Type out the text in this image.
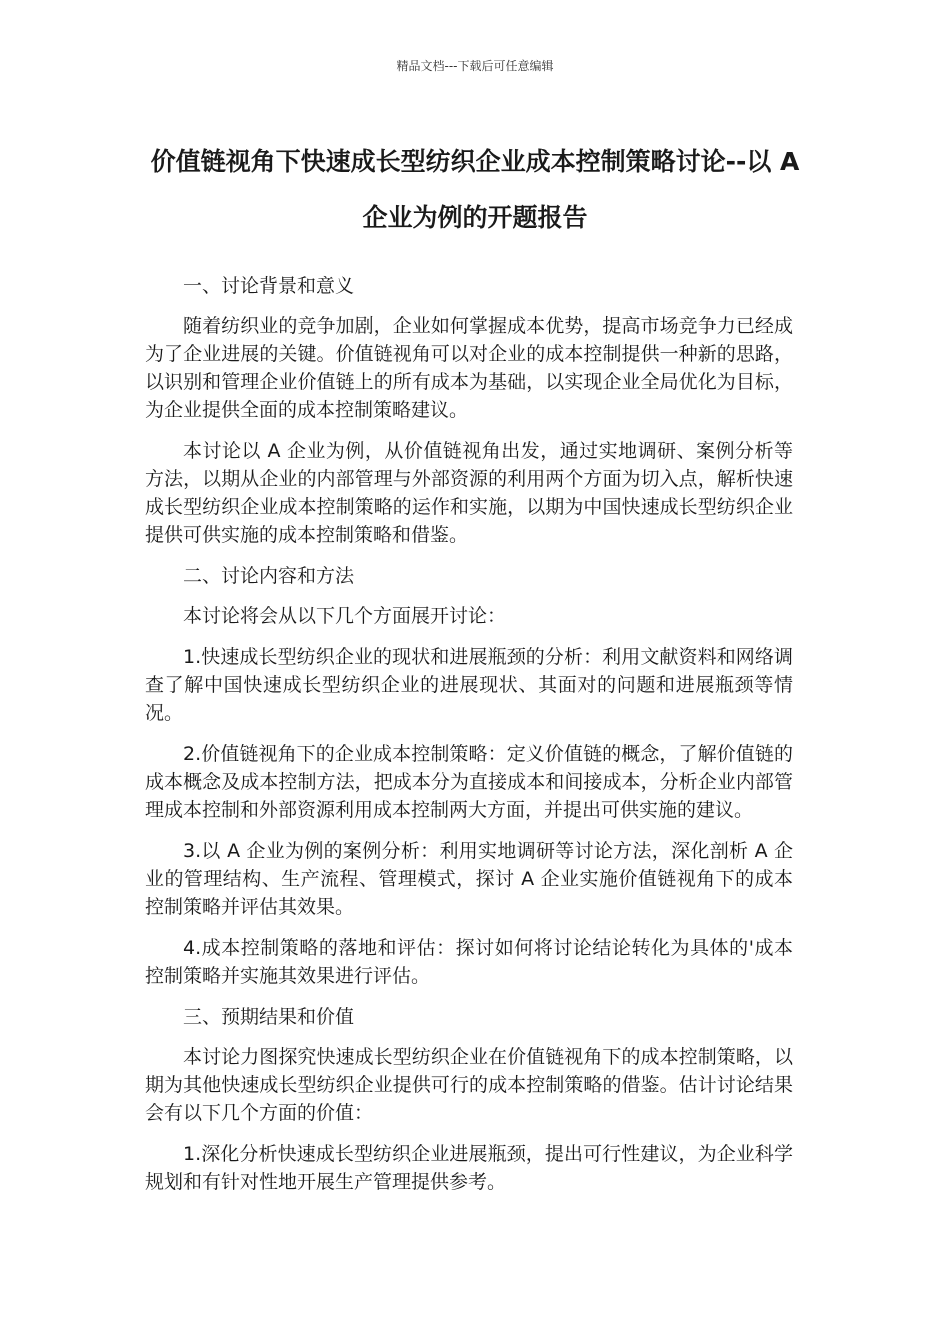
精品文档---下载后可任意编辑
价值链视角下快速成长型纺织企业成本控制策略讨论--以 A 企业为例的开题报告

一、讨论背景和意义

随着纺织业的竞争加剧，企业如何掌握成本优势，提高市场竞争力已经成为了企业进展的关键。价值链视角可以对企业的成本控制提供一种新的思路，以识别和管理企业价值链上的所有成本为基础，以实现企业全局优化为目标，为企业提供全面的成本控制策略建议。

本讨论以 A 企业为例，从价值链视角出发，通过实地调研、案例分析等方法，以期从企业的内部管理与外部资源的利用两个方面为切入点，解析快速成长型纺织企业成本控制策略的运作和实施，以期为中国快速成长型纺织企业提供可供实施的成本控制策略和借鉴。

二、讨论内容和方法

本讨论将会从以下几个方面展开讨论：

1.快速成长型纺织企业的现状和进展瓶颈的分析：利用文献资料和网络调查了解中国快速成长型纺织企业的进展现状、其面对的问题和进展瓶颈等情况。

2.价值链视角下的企业成本控制策略：定义价值链的概念，了解价值链的成本概念及成本控制方法，把成本分为直接成本和间接成本，分析企业内部管理成本控制和外部资源利用成本控制两大方面，并提出可供实施的建议。

3.以 A 企业为例的案例分析：利用实地调研等讨论方法，深化剖析 A 企业的管理结构、生产流程、管理模式，探讨 A 企业实施价值链视角下的成本控制策略并评估其效果。

4.成本控制策略的落地和评估：探讨如何将讨论结论转化为具体的'成本控制策略并实施其效果进行评估。

三、预期结果和价值

本讨论力图探究快速成长型纺织企业在价值链视角下的成本控制策略，以期为其他快速成长型纺织企业提供可行的成本控制策略的借鉴。估计讨论结果会有以下几个方面的价值：

1.深化分析快速成长型纺织企业进展瓶颈，提出可行性建议，为企业科学规划和有针对性地开展生产管理提供参考。
